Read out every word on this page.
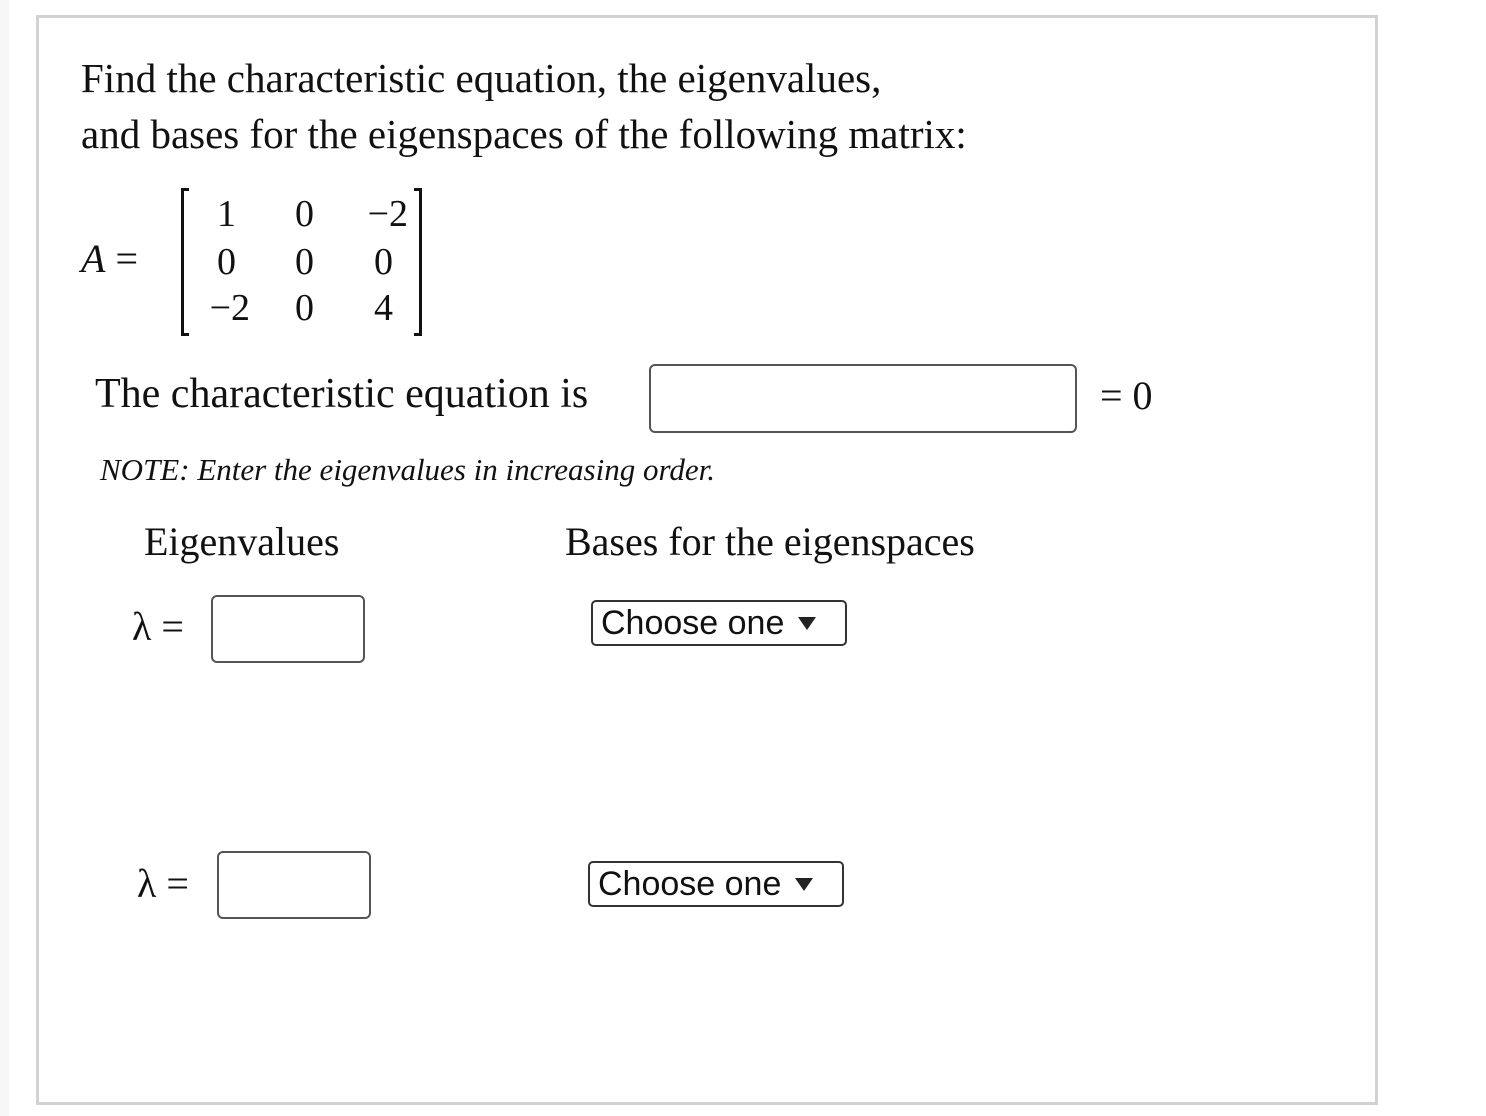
Find the characteristic equation, the eigenvalues,
and bases for the eigenspaces of the following matrix:
A =
1	0	−2
0	0	0
−2	0	4
The characteristic equation is	= 0
NOTE: Enter the eigenvalues in increasing order.
Eigenvalues	Bases for the eigenspaces
λ =	Choose one
λ =	Choose one
